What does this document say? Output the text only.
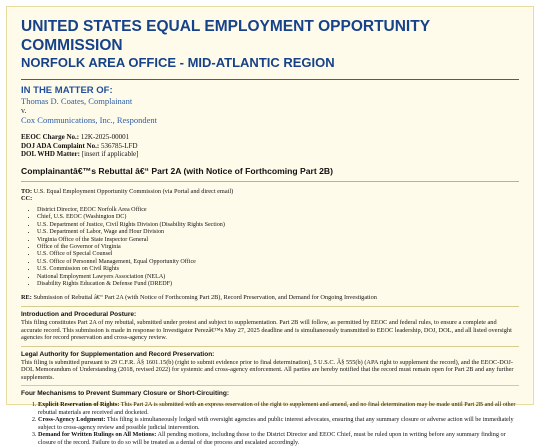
UNITED STATES EQUAL EMPLOYMENT OPPORTUNITY COMMISSION
NORFOLK AREA OFFICE - MID-ATLANTIC REGION
IN THE MATTER OF:
Thomas D. Coates, Complainant
v.
Cox Communications, Inc., Respondent
EEOC Charge No.: 12K-2025-00001
DOJ ADA Complaint No.: 536785-LFD
DOL WHD Matter: [insert if applicable]
Complainantâ€™s Rebuttal â€“ Part 2A (with Notice of Forthcoming Part 2B)
TO: U.S. Equal Employment Opportunity Commission (via Portal and direct email)
CC:
• District Director, EEOC Norfolk Area Office
• Chief, U.S. EEOC (Washington DC)
• U.S. Department of Justice, Civil Rights Division (Disability Rights Section)
• U.S. Department of Labor, Wage and Hour Division
• Virginia Office of the State Inspector General
• Office of the Governor of Virginia
• U.S. Office of Special Counsel
• U.S. Office of Personnel Management, Equal Opportunity Office
• U.S. Commission on Civil Rights
• National Employment Lawyers Association (NELA)
• Disability Rights Education & Defense Fund (DREDF)
RE: Submission of Rebuttal â€“ Part 2A (with Notice of Forthcoming Part 2B), Record Preservation, and Demand for Ongoing Investigation
Introduction and Procedural Posture:
This filing constitutes Part 2A of my rebuttal, submitted under protest and subject to supplementation. Part 2B will follow, as permitted by EEOC and federal rules, to ensure a complete and accurate record. This submission is made in response to Investigator Perezâ€™s May 27, 2025 deadline and is simultaneously transmitted to EEOC leadership, DOJ, DOL, and all listed oversight agencies for record preservation and cross-agency review.
Legal Authority for Supplementation and Record Preservation:
This filing is submitted pursuant to 29 C.F.R. Â§ 1601.15(b) (right to submit evidence prior to final determination), 5 U.S.C. Â§ 555(b) (APA right to supplement the record), and the EEOC-DOJ-DOL Memorandum of Understanding (2018, revised 2022) for systemic and cross-agency enforcement. All parties are hereby notified that the record must remain open for Part 2B and any further supplements.
Four Mechanisms to Prevent Summary Closure or Short-Circuiting:
1. Explicit Reservation of Rights: This Part 2A is submitted with an express reservation of the right to supplement and amend, and no final determination may be made until Part 2B and all other rebuttal materials are received and docketed.
2. Cross-Agency Lodgment: This filing is simultaneously lodged with oversight agencies and public interest advocates, ensuring that any summary closure or adverse action will be immediately subject to cross-agency review and possible judicial intervention.
3. Demand for Written Rulings on All Motions: All pending motions, including those to the District Director and EEOC Chief, must be ruled upon in writing before any summary finding or closure of the record. Failure to do so will be treated as a denial of due process and escalated accordingly.
